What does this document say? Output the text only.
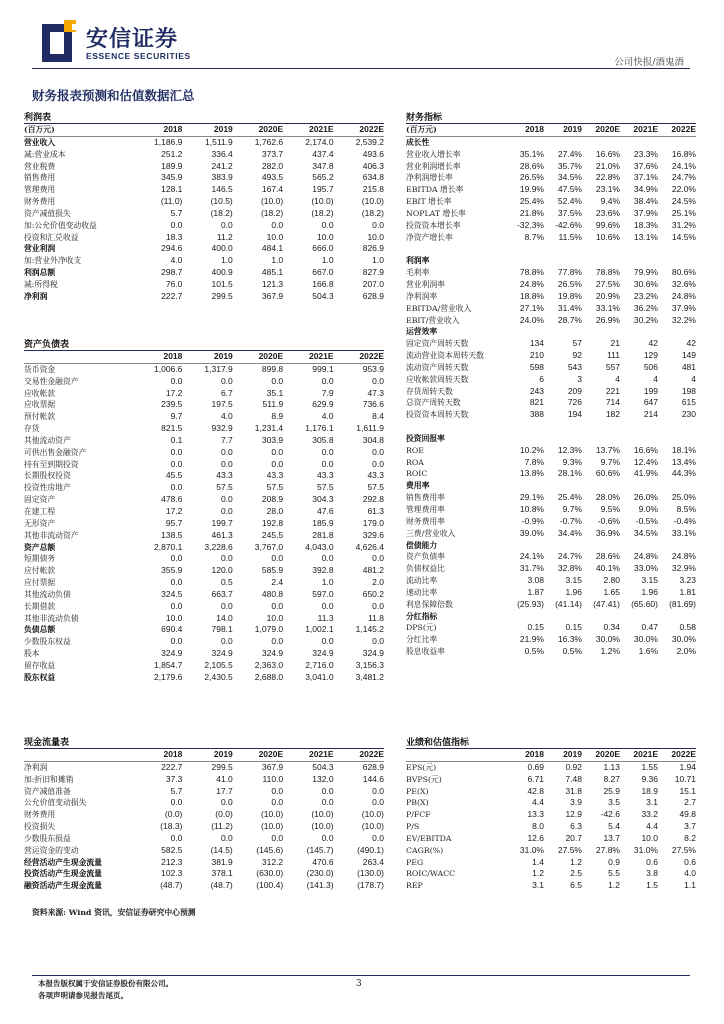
安信证券
ESSENCE SECURITIES
公司快报/酒鬼酒
财务报表预测和估值数据汇总
利润表
(百万元)	2018	2019	2020E	2021E	2022E
营业收入	1,186.9	1,511.9	1,762.6	2,174.0	2,539.2
减:营业成本	251.2	336.4	373.7	437.4	493.6
营业税费	189.9	241.2	282.0	347.8	406.3
销售费用	345.9	383.9	493.5	565.2	634.8
管理费用	128.1	146.5	167.4	195.7	215.8
财务费用	(11.0)	(10.5)	(10.0)	(10.0)	(10.0)
资产减值损失	5.7	(18.2)	(18.2)	(18.2)	(18.2)
加:公允价值变动收益	0.0	0.0	0.0	0.0	0.0
投资和汇兑收益	18.3	11.2	10.0	10.0	10.0
营业利润	294.6	400.0	484.1	666.0	826.9
加:营业外净收支	4.0	1.0	1.0	1.0	1.0
利润总额	298.7	400.9	485.1	667.0	827.9
减:所得税	76.0	101.5	121.3	166.8	207.0
净利润	222.7	299.5	367.9	504.3	628.9
资产负债表
	2018	2019	2020E	2021E	2022E
货币资金	1,006.6	1,317.9	899.8	999.1	953.9
交易性金融资产	0.0	0.0	0.0	0.0	0.0
应收帐款	17.2	6.7	35.1	7.9	47.3
应收票据	239.5	197.5	511.9	629.9	736.6
预付帐款	9.7	4.0	8.9	4.0	8.4
存货	821.5	932.9	1,231.4	1,176.1	1,611.9
其他流动资产	0.1	7.7	303.9	305.8	304.8
可供出售金融资产	0.0	0.0	0.0	0.0	0.0
持有至到期投资	0.0	0.0	0.0	0.0	0.0
长期股权投资	45.5	43.3	43.3	43.3	43.3
投资性房地产	0.0	57.5	57.5	57.5	57.5
固定资产	478.6	0.0	208.9	304.3	292.8
在建工程	17.2	0.0	28.0	47.6	61.3
无形资产	95.7	199.7	192.8	185.9	179.0
其他非流动资产	138.5	461.3	245.5	281.8	329.6
资产总额	2,870.1	3,228.6	3,767.0	4,043.0	4,626.4
短期债务	0.0	0.0	0.0	0.0	0.0
应付帐款	355.9	120.0	585.9	392.8	481.2
应付票据	0.0	0.5	2.4	1.0	2.0
其他流动负债	324.5	663.7	480.8	597.0	650.2
长期借款	0.0	0.0	0.0	0.0	0.0
其他非流动负债	10.0	14.0	10.0	11.3	11.8
负债总额	690.4	798.1	1,079.0	1,002.1	1,145.2
少数股东权益	0.0	0.0	0.0	0.0	0.0
股本	324.9	324.9	324.9	324.9	324.9
留存收益	1,854.7	2,105.5	2,363.0	2,716.0	3,156.3
股东权益	2,179.6	2,430.5	2,688.0	3,041.0	3,481.2
财务指标
(百万元)	2018	2019	2020E	2021E	2022E
成长性					
营业收入增长率	35.1%	27.4%	16.6%	23.3%	16.8%
营业利润增长率	28.6%	35.7%	21.0%	37.6%	24.1%
净利润增长率	26.5%	34.5%	22.8%	37.1%	24.7%
EBITDA 增长率	19.9%	47.5%	23.1%	34.9%	22.0%
EBIT 增长率	25.4%	52.4%	9.4%	38.4%	24.5%
NOPLAT 增长率	21.8%	37.5%	23.6%	37.9%	25.1%
投资资本增长率	-32.3%	-42.6%	99.6%	18.3%	31.2%
净资产增长率	8.7%	11.5%	10.6%	13.1%	14.5%

利润率					
毛利率	78.8%	77.8%	78.8%	79.9%	80.6%
营业利润率	24.8%	26.5%	27.5%	30.6%	32.6%
净利润率	18.8%	19.8%	20.9%	23.2%	24.8%
EBITDA/营业收入	27.1%	31.4%	33.1%	36.2%	37.9%
EBIT/营业收入	24.0%	28.7%	26.9%	30.2%	32.2%
运营效率					
固定资产周转天数	134	57	21	42	42
流动营业资本周转天数	210	92	111	129	149
流动资产周转天数	598	543	557	506	481
应收帐款周转天数	6	3	4	4	4
存货周转天数	243	209	221	199	198
总资产周转天数	821	726	714	647	615
投资资本周转天数	388	194	182	214	230

投资回报率					
ROE	10.2%	12.3%	13.7%	16.6%	18.1%
ROA	7.8%	9.3%	9.7%	12.4%	13.4%
ROIC	13.8%	28.1%	60.6%	41.9%	44.3%
费用率					
销售费用率	29.1%	25.4%	28.0%	26.0%	25.0%
管理费用率	10.8%	9.7%	9.5%	9.0%	8.5%
财务费用率	-0.9%	-0.7%	-0.6%	-0.5%	-0.4%
三费/营业收入	39.0%	34.4%	36.9%	34.5%	33.1%
偿债能力					
资产负债率	24.1%	24.7%	28.6%	24.8%	24.8%
负债权益比	31.7%	32.8%	40.1%	33.0%	32.9%
流动比率	3.08	3.15	2.80	3.15	3.23
速动比率	1.87	1.96	1.65	1.96	1.81
利息保障倍数	(25.93)	(41.14)	(47.41)	(65.60)	(81.69)
分红指标					
DPS(元)	0.15	0.15	0.34	0.47	0.58
分红比率	21.9%	16.3%	30.0%	30.0%	30.0%
股息收益率	0.5%	0.5%	1.2%	1.6%	2.0%
现金流量表
	2018	2019	2020E	2021E	2022E
净利润	222.7	299.5	367.9	504.3	628.9
加:折旧和摊销	37.3	41.0	110.0	132.0	144.6
资产减值准备	5.7	17.7	0.0	0.0	0.0
公允价值变动损失	0.0	0.0	0.0	0.0	0.0
财务费用	(0.0)	(0.0)	(10.0)	(10.0)	(10.0)
投资损失	(18.3)	(11.2)	(10.0)	(10.0)	(10.0)
少数股东损益	0.0	0.0	0.0	0.0	0.0
营运资金的变动	582.5	(14.5)	(145.6)	(145.7)	(490.1)
经营活动产生现金流量	212.3	381.9	312.2	470.6	263.4
投资活动产生现金流量	102.3	378.1	(630.0)	(230.0)	(130.0)
融资活动产生现金流量	(48.7)	(48.7)	(100.4)	(141.3)	(178.7)
业绩和估值指标
	2018	2019	2020E	2021E	2022E
EPS(元)	0.69	0.92	1.13	1.55	1.94
BVPS(元)	6.71	7.48	8.27	9.36	10.71
PE(X)	42.8	31.8	25.9	18.9	15.1
PB(X)	4.4	3.9	3.5	3.1	2.7
P/FCF	13.3	12.9	-42.6	33.2	49.8
P/S	8.0	6.3	5.4	4.4	3.7
EV/EBITDA	12.6	20.7	13.7	10.0	8.2
CAGR(%)	31.0%	27.5%	27.8%	31.0%	27.5%
PEG	1.4	1.2	0.9	0.6	0.6
ROIC/WACC	1.2	2.5	5.5	3.8	4.0
REP	3.1	6.5	1.2	1.5	1.1
资料来源: Wind 资讯，安信证券研究中心预测
本报告版权属于安信证券股份有限公司。
各项声明请参见报告尾页。
3
